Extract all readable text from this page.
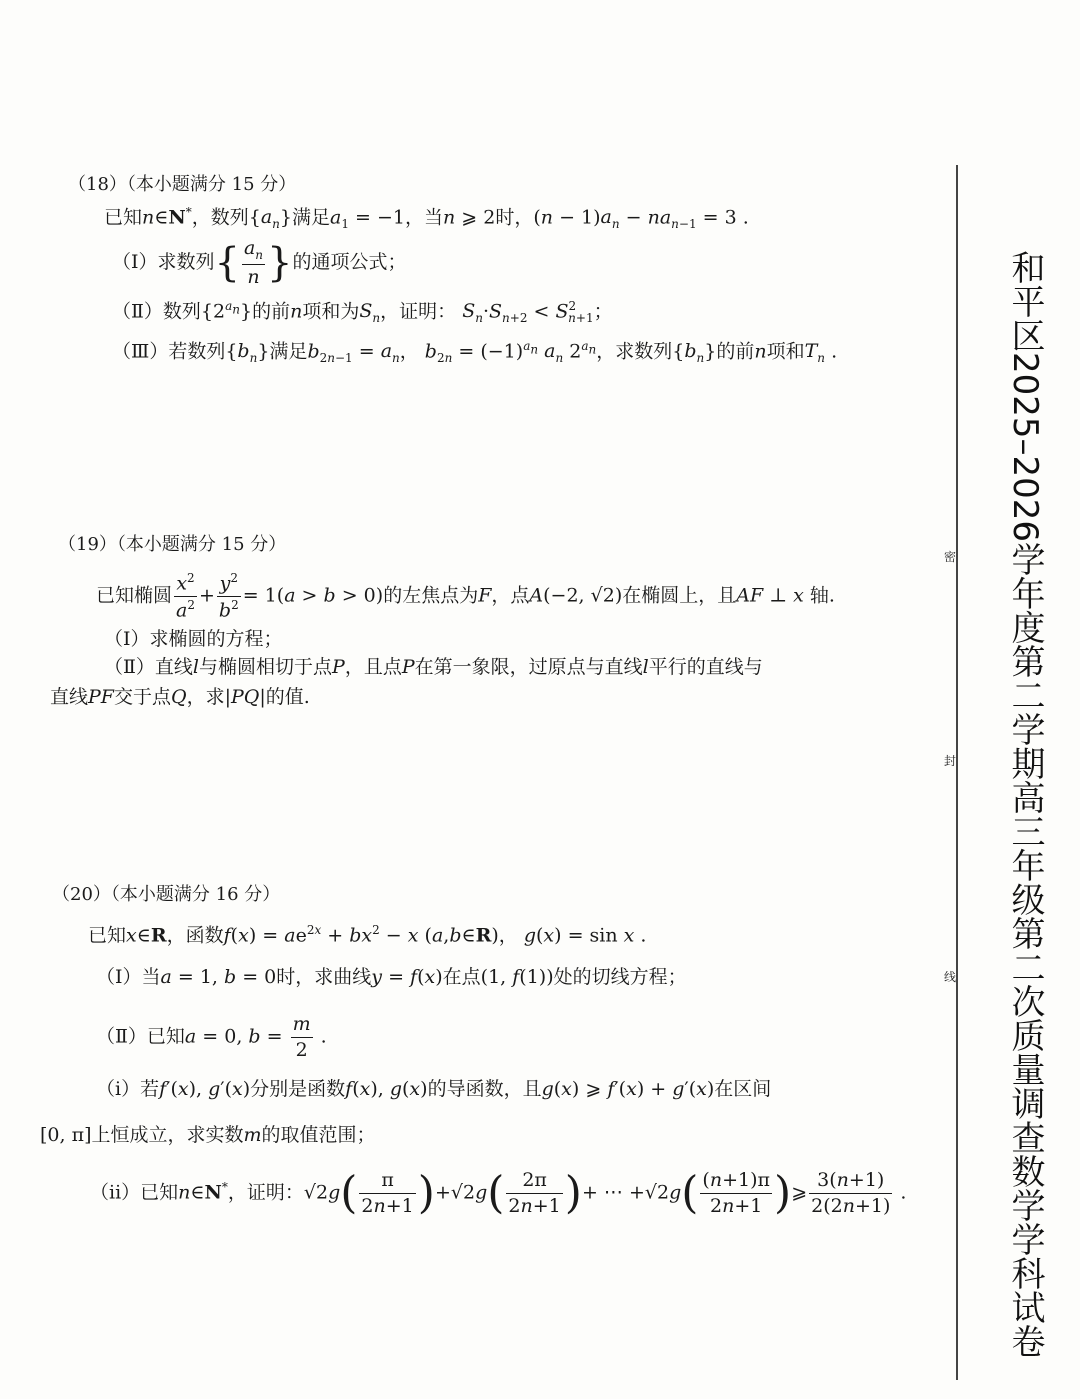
（18）（本小题满分 15 分）
已知n∈N*，数列$\{a_n\}$满足$a_1 = -1$，当n ⩾ 2时，$(n - 1)a_n - na_{n-1} = 3$ .
（Ⅰ）求数列{ $\frac{a_n}{n}$ }的通项公式；
（Ⅱ）数列$\{2^{a_n}\}$的前n项和为$S_n$，证明： $S_n\cdot S_{n+2} < S^2_{n+1}$；
（Ⅲ）若数列$\{b_n\}$满足$b_{2n-1} = a_n$， $b_{2n} = (-1)^{a_n}$ $a_n$ $2^{a_n}$，求数列$\{b_n\}$的前n项和$T_n$ .
（19）（本小题满分 15 分）
已知椭圆 $\frac{x^2}{a^2} + \frac{y^2}{b^2} = 1(a > b > 0)$的左焦点为F，点A(−2, √2)在椭圆上，且AF ⊥ x 轴.
（Ⅰ）求椭圆的方程；
（Ⅱ）直线l与椭圆相切于点P，且点P在第一象限，过原点与直线l平行的直线与
直线PF交于点Q，求|PQ|的值.
（20）（本小题满分 16 分）
已知x∈R，函数$f(x) = ae^{2x} + bx^2 - x$ (a,b∈R)， g(x) = sin x .
（Ⅰ）当a = 1, b = 0时，求曲线y = f(x)在点(1, f(1))处的切线方程；
（Ⅱ）已知a = 0, $b = \frac{m}{2}$ .
（i）若f′(x), g′(x)分别是函数f(x), g(x)的导函数，且g(x) ⩾ f′(x) + g′(x)在区间
[0, π]上恒成立，求实数m的取值范围；
（ii）已知n∈N*，证明：$√2g( \frac{\pi}{2n+1} )+√2g( \frac{2\pi}{2n+1}$ )+ ⋯ $+√2g( \frac{(n+1)\pi}{2n+1}$ )⩾ $\frac{3(n+1)}{2(2n+1)}$ .
密
封
线 和平区2025–2026学年度第二学期高三年级第二次质量调查数学学科试卷
